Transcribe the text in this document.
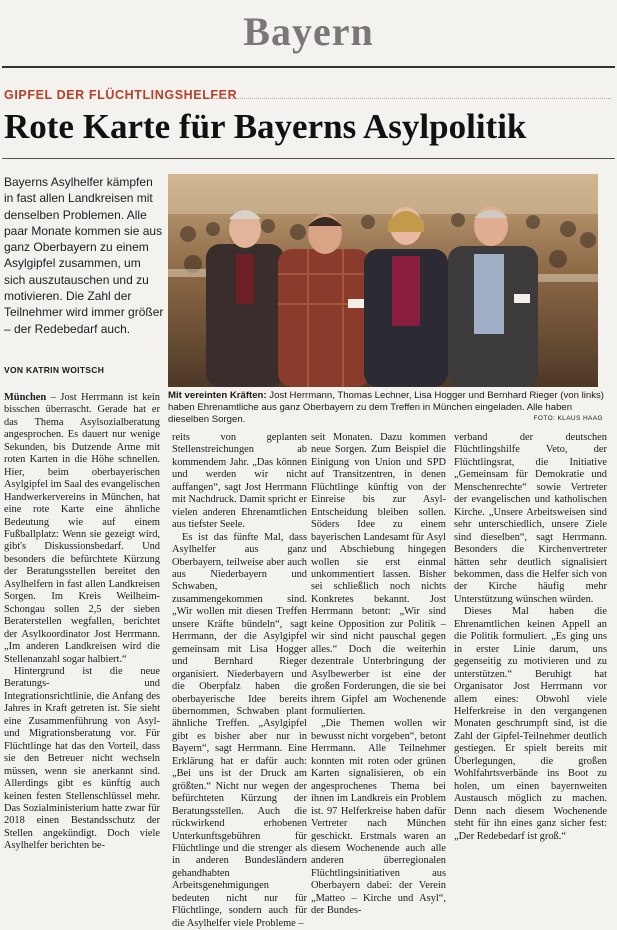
Bayern
GIPFEL DER FLÜCHTLINGSHELFER
Rote Karte für Bayerns Asylpolitik
Bayerns Asylhelfer kämpfen in fast allen Landkreisen mit denselben Problemen. Alle paar Monate kommen sie aus ganz Oberbayern zu einem Asylgipfel zusammen, um sich auszutauschen und zu motivieren. Die Zahl der Teilnehmer wird immer größer – der Redebedarf auch.
VON KATRIN WOITSCH
Mit vereinten Kräften: Jost Herrmann, Thomas Lechner, Lisa Hogger und Bernhard Rieger (von links) haben Ehrenamtliche aus ganz Oberbayern zu dem Treffen in München eingeladen. Alle haben dieselben Sorgen.	FOTO: KLAUS HAAG

München – Jost Herrmann ist kein bisschen überrascht. Gerade hat er das Thema Asylsozialberatung angesprochen. Es dauert nur wenige Sekunden, bis Dutzende Arme mit roten Karten in die Höhe schnellen. Hier, beim oberbayerischen Asylgipfel im Saal des evangelischen Handwerkervereins in München, hat eine rote Karte eine ähnliche Bedeutung wie auf einem Fußballplatz: Wenn sie gezeigt wird, gibt's Diskussionsbedarf. Und besonders die befürchtete Kürzung der Beratungsstellen bereitet den Asylhelfern in fast allen Landkreisen Sorgen. Im Kreis Weilheim-Schongau sollen 2,5 der sieben Beraterstellen wegfallen, berichtet der Asylkoordinator Jost Herrmann. „Im anderen Landkreisen wird die Stellenanzahl sogar halbiert.“

Hintergrund ist die neue Beratungs- und Integrationsrichtlinie, die Anfang des Jahres in Kraft getreten ist. Sie sieht eine Zusammenführung von Asyl- und Migrationsberatung vor. Für Flüchtlinge hat das den Vorteil, dass sie den Betreuer nicht wechseln müssen, wenn sie anerkannt sind. Allerdings gibt es künftig auch keinen festen Stellenschlüssel mehr. Das Sozialministerium hatte zwar für 2018 einen Bestandsschutz der Stellen angekündigt. Doch viele Asylhelfer berichten be-

reits von geplanten Stellenstreichungen ab kommendem Jahr. „Das können und werden wir nicht auffangen“, sagt Jost Herrmann mit Nachdruck. Damit spricht er vielen anderen Ehrenamtlichen aus tiefster Seele.

Es ist das fünfte Mal, dass Asylhelfer aus ganz Oberbayern, teilweise aber auch aus Niederbayern und Schwaben, zusammengekommen sind. „Wir wollen mit diesen Treffen unsere Kräfte bündeln“, sagt Herrmann, der die Asylgipfel gemeinsam mit Lisa Hogger und Bernhard Rieger organisiert. Niederbayern und die Oberpfalz haben die oberbayerische Idee bereits übernommen, Schwaben plant ähnliche Treffen. „Asylgipfel gibt es bisher aber nur in Bayern“, sagt Herrmann. Eine Erklärung hat er dafür auch: „Bei uns ist der Druck am größten.“ Nicht nur wegen der befürchteten Kürzung der Beratungsstellen. Auch die rückwirkend erhobenen Unterkunftsgebühren für Flüchtlinge und die strenger als in anderen Bundesländern gehandhabten Arbeitsgenehmigungen bedeuten nicht nur für Flüchtlinge, sondern auch für die Asylhelfer viele Probleme –

seit Monaten. Dazu kommen neue Sorgen. Zum Beispiel die Einigung von Union und SPD auf Transitzentren, in denen Flüchtlinge künftig von der Einreise bis zur Asyl-Entscheidung bleiben sollen. Söders Idee zu einem bayerischen Landesamt für Asyl und Abschiebung hingegen wollen sie erst einmal unkommentiert lassen. Bisher sei schließlich noch nichts Konkretes bekannt. Jost Herrmann betont: „Wir sind keine Opposition zur Politik – wir sind nicht pauschal gegen alles.“ Doch die weiterhin dezentrale Unterbringung der Asylbewerber ist eine der großen Forderungen, die sie bei ihrem Gipfel am Wochenende formulierten.

„Die Themen wollen wir bewusst nicht vorgeben“, betont Herrmann. Alle Teilnehmer konnten mit roten oder grünen Karten signalisieren, ob ein angesprochenes Thema bei ihnen im Landkreis ein Problem ist. 97 Helferkreise haben dafür Vertreter nach München geschickt. Erstmals waren an diesem Wochenende auch alle anderen überregionalen Flüchtlingsinitiativen aus Oberbayern dabei: der Verein „Matteo – Kirche und Asyl“, der Bundes-

verband der deutschen Flüchtlingshilfe Veto, der Flüchtlingsrat, die Initiative „Gemeinsam für Demokratie und Menschenrechte“ sowie Vertreter der evangelischen und katholischen Kirche. „Unsere Arbeitsweisen sind sehr unterschiedlich, unsere Ziele sind dieselben“, sagt Herrmann. Besonders die Kirchenvertreter hätten sehr deutlich signalisiert bekommen, dass die Helfer sich von der Kirche häufig mehr Unterstützung wünschen würden.

Dieses Mal haben die Ehrenamtlichen keinen Appell an die Politik formuliert. „Es ging uns in erster Linie darum, uns gegenseitig zu motivieren und zu unterstützen.“ Beruhigt hat Organisator Jost Herrmann vor allem eines: Obwohl viele Helferkreise in den vergangenen Monaten geschrumpft sind, ist die Zahl der Gipfel-Teilnehmer deutlich gestiegen. Er spielt bereits mit Überlegungen, die großen Wohlfahrtsverbände ins Boot zu holen, um einen bayernweiten Austausch möglich zu machen. Denn nach diesem Wochenende steht für ihn eines ganz sicher fest: „Der Redebedarf ist groß.“
